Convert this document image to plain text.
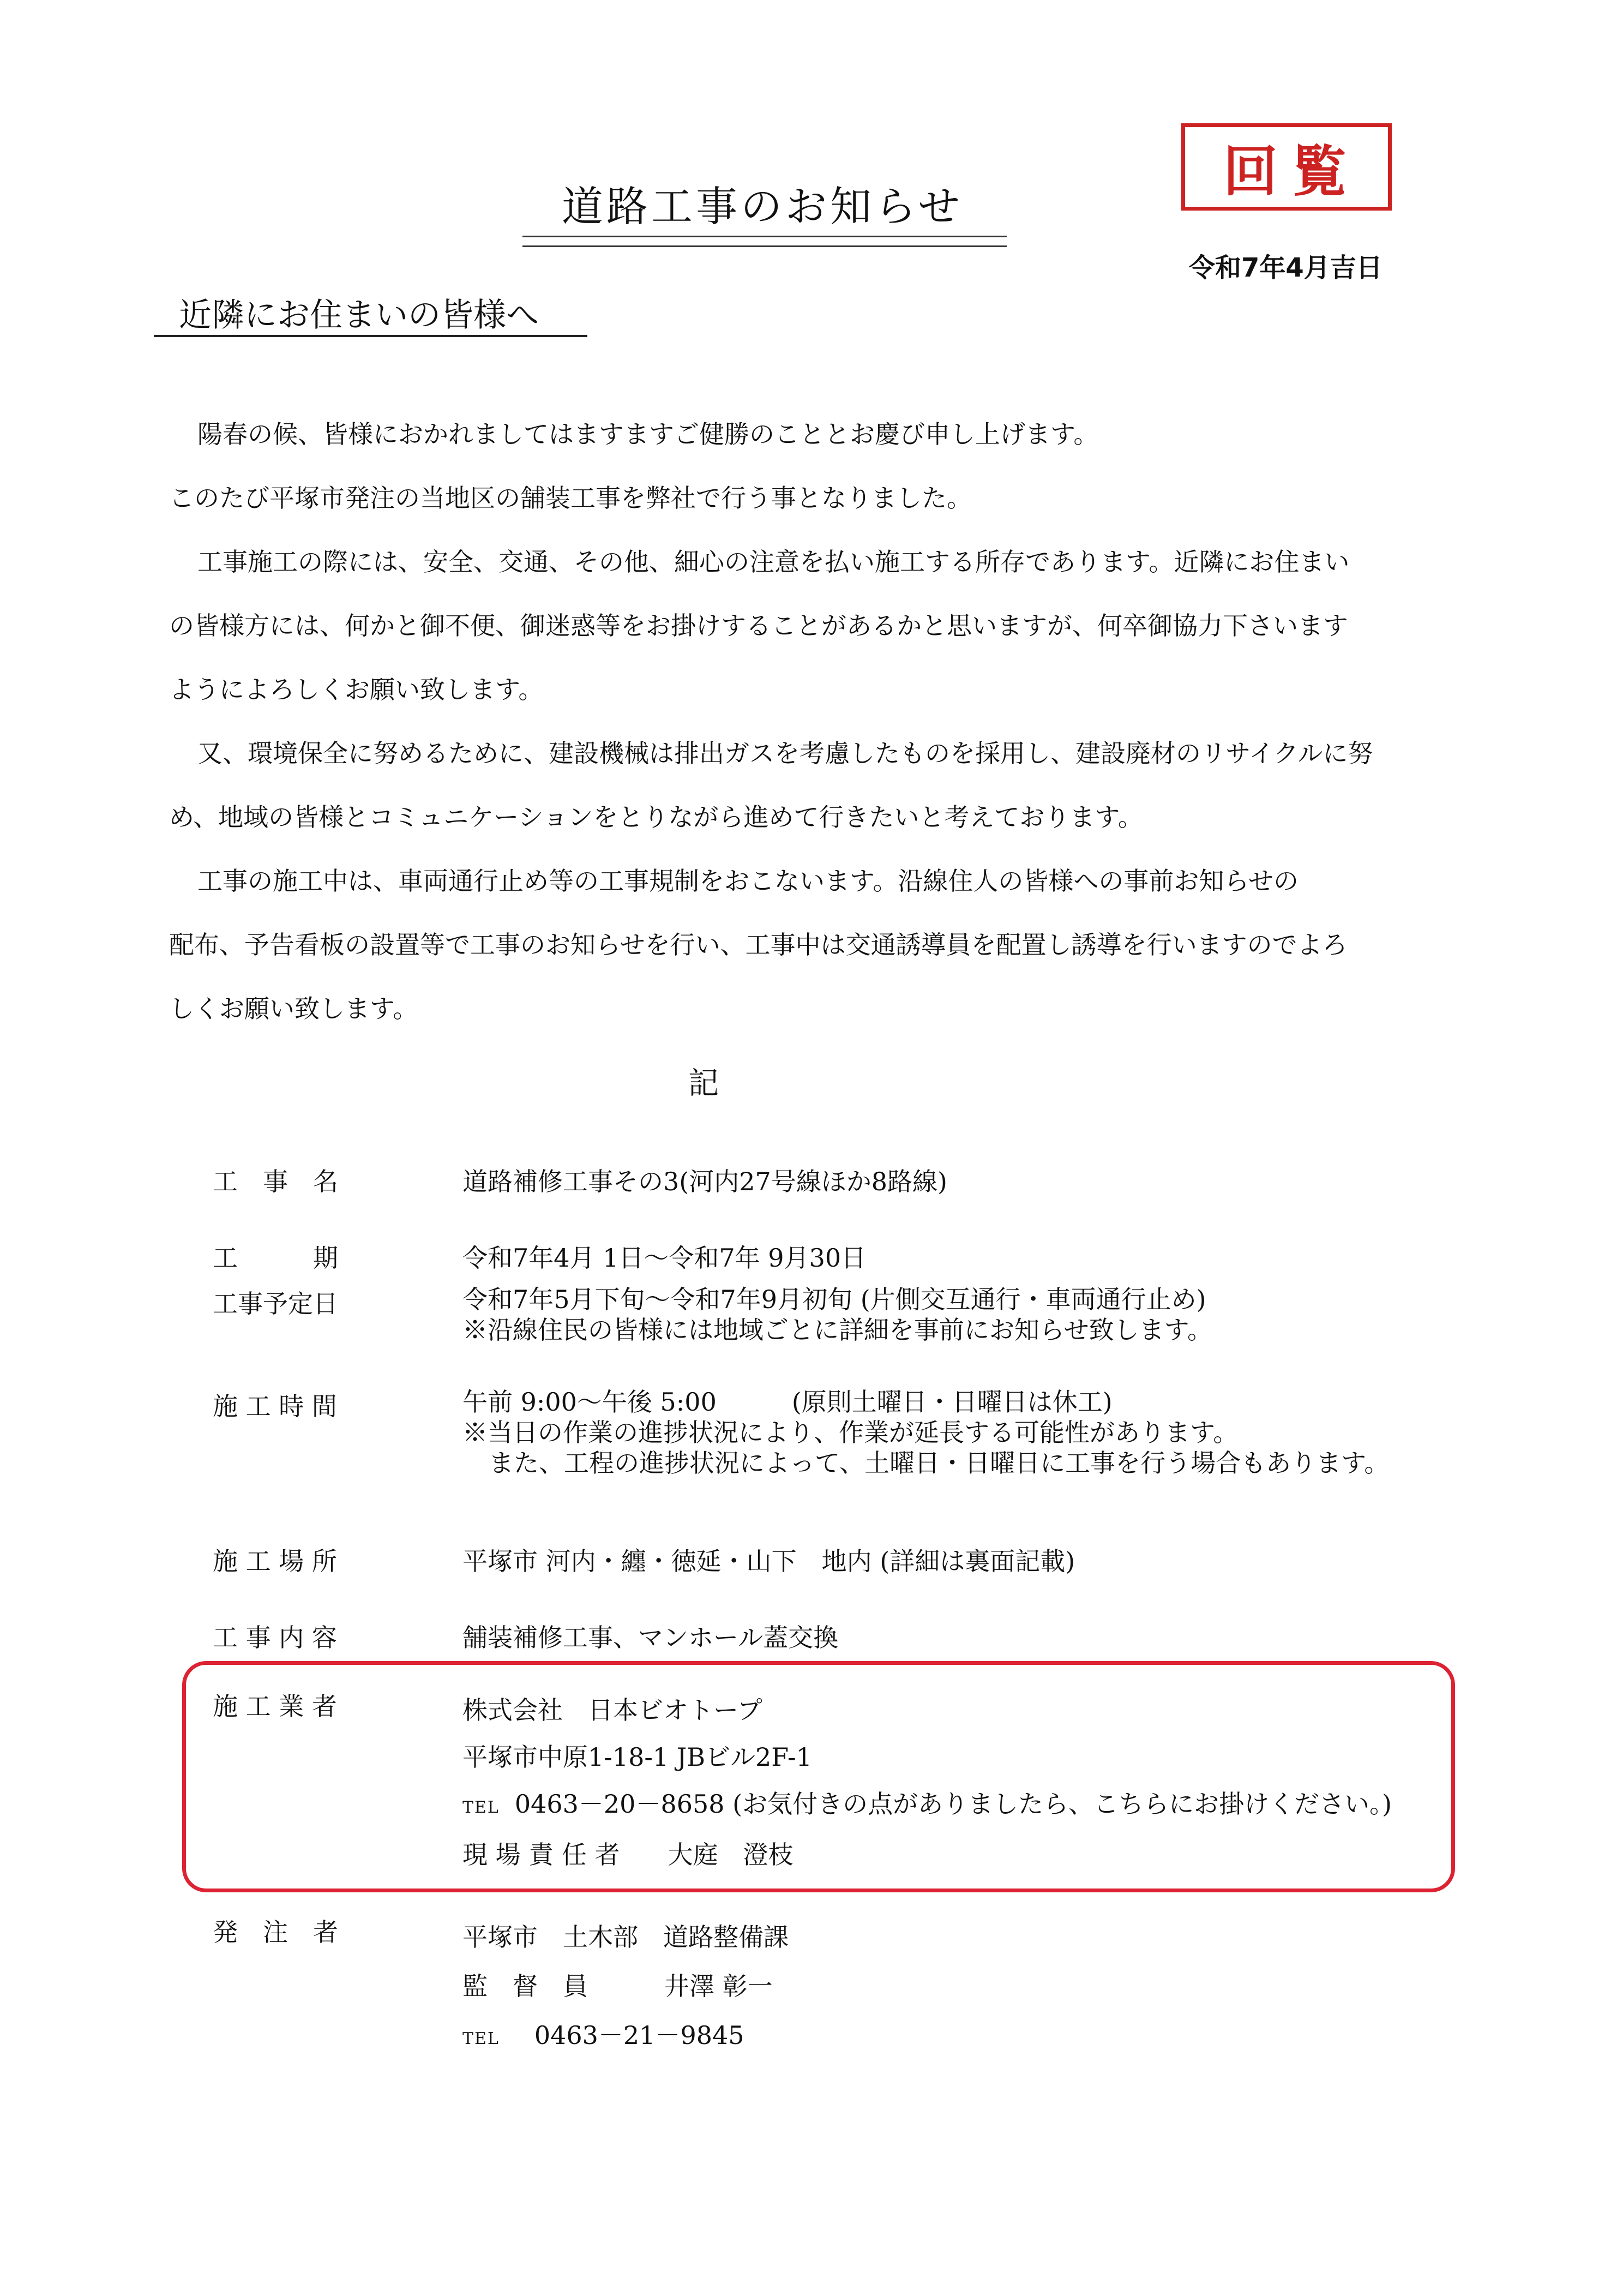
道路工事のお知らせ
回覧
令和7年4月吉日
近隣にお住まいの皆様へ

陽春の候、皆様におかれましてはますますご健勝のこととお慶び申し上げます。

このたび平塚市発注の当地区の舗装工事を弊社で行う事となりました。

工事施工の際には、安全、交通、その他、細心の注意を払い施工する所存であります。近隣にお住まい

の皆様方には、何かと御不便、御迷惑等をお掛けすることがあるかと思いますが、何卒御協力下さいます

ようによろしくお願い致します。

又、環境保全に努めるために、建設機械は排出ガスを考慮したものを採用し、建設廃材のリサイクルに努

め、地域の皆様とコミュニケーションをとりながら進めて行きたいと考えております。

工事の施工中は、車両通行止め等の工事規制をおこないます。沿線住人の皆様への事前お知らせの

配布、予告看板の設置等で工事のお知らせを行い、工事中は交通誘導員を配置し誘導を行いますのでよろ

しくお願い致します。

記
工　事　名	道路補修工事その3(河内27号線ほか8路線)
工　　　期	令和7年4月 1日～令和7年 9月30日
工事予定日	令和7年5月下旬～令和7年9月初旬 (片側交互通行・車両通行止め)

※沿線住民の皆様には地域ごとに詳細を事前にお知らせ致します。

施 工 時 間	午前 9:00～午後 5:00　　　(原則土曜日・日曜日は休工)

※当日の作業の進捗状況により、作業が延長する可能性があります。

また、工程の進捗状況によって、土曜日・日曜日に工事を行う場合もあります。

施 工 場 所	平塚市 河内・纏・徳延・山下　地内 (詳細は裏面記載)
工 事 内 容	舗装補修工事、マンホール蓋交換
施 工 業 者	株式会社　日本ビオトープ

平塚市中原1-18-1 JBビル2F-1

TEL 0463－20－8658 (お気付きの点がありましたら、こちらにお掛けください。)

現 場 責 任 者 大庭　澄枝

発　注　者	平塚市　土木部　道路整備課

監　督　員	井澤 彰一

TEL 0463－21－9845
